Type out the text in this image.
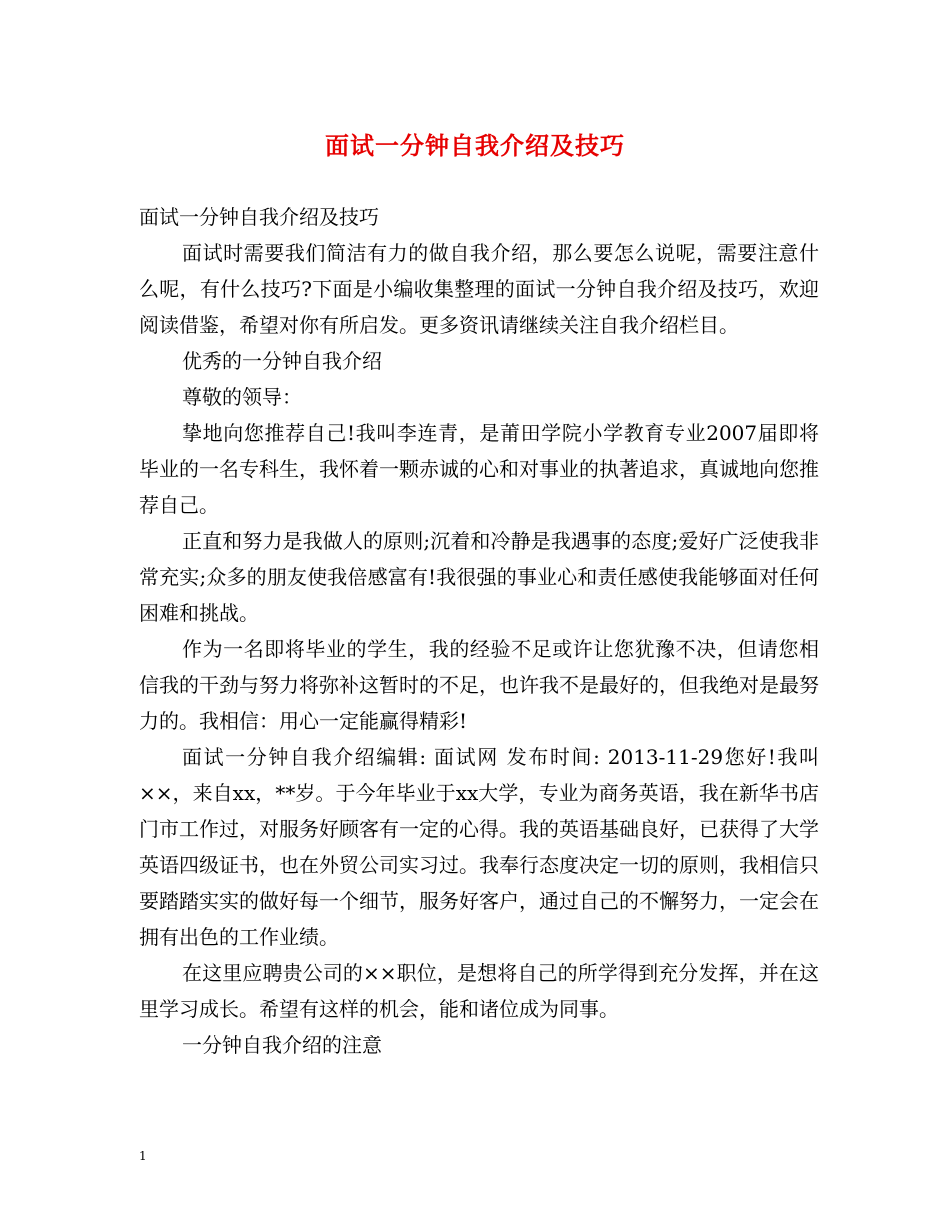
面试一分钟自我介绍及技巧

面试一分钟自我介绍及技巧

面试时需要我们简洁有力的做自我介绍，那么要怎么说呢，需要注意什么呢，有什么技巧?下面是小编收集整理的面试一分钟自我介绍及技巧，欢迎阅读借鉴，希望对你有所启发。更多资讯请继续关注自我介绍栏目。

优秀的一分钟自我介绍

尊敬的领导：

挚地向您推荐自己!我叫李连青，是莆田学院小学教育专业2007届即将毕业的一名专科生，我怀着一颗赤诚的心和对事业的执著追求，真诚地向您推荐自己。

正直和努力是我做人的原则;沉着和冷静是我遇事的态度;爱好广泛使我非常充实;众多的朋友使我倍感富有!我很强的事业心和责任感使我能够面对任何困难和挑战。

作为一名即将毕业的学生，我的经验不足或许让您犹豫不决，但请您相信我的干劲与努力将弥补这暂时的不足，也许我不是最好的，但我绝对是最努力的。我相信：用心一定能赢得精彩!

面试一分钟自我介绍编辑: 面试网 发布时间: 2013-11-29您好!我叫××，来自xx，**岁。于今年毕业于xx大学，专业为商务英语，我在新华书店门市工作过，对服务好顾客有一定的心得。我的英语基础良好，已获得了大学英语四级证书，也在外贸公司实习过。我奉行态度决定一切的原则，我相信只要踏踏实实的做好每一个细节，服务好客户，通过自己的不懈努力，一定会在拥有出色的工作业绩。

在这里应聘贵公司的××职位，是想将自己的所学得到充分发挥，并在这里学习成长。希望有这样的机会，能和诸位成为同事。

一分钟自我介绍的注意

1
